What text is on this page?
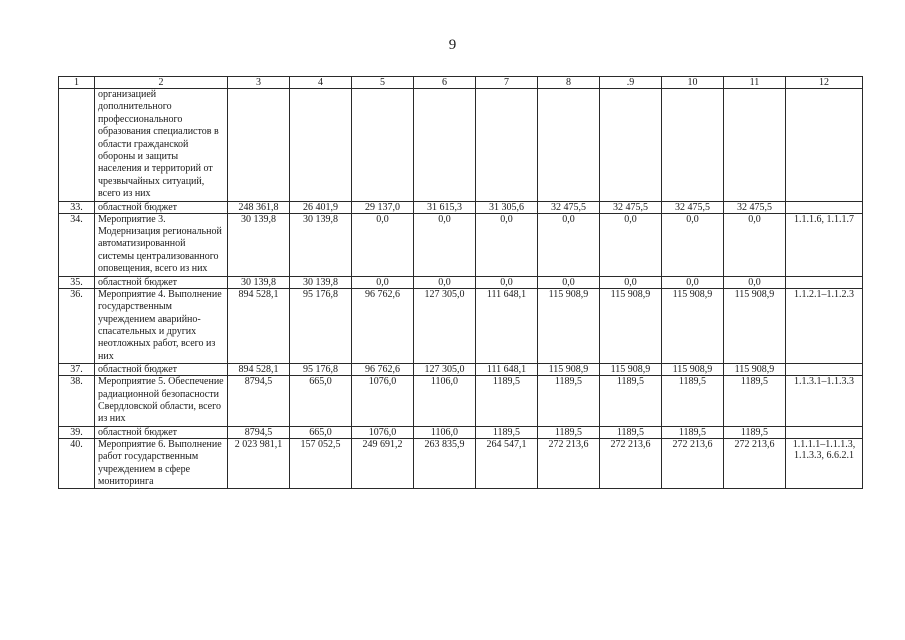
9
1	2	3	4	5	6	7	8	.9	10	11	12
	организацией дополнительного профессионального образования специалистов в области гражданской обороны и защиты населения и территорий от чрезвычайных ситуаций, всего из них										
33.	областной бюджет	248 361,8	26 401,9	29 137,0	31 615,3	31 305,6	32 475,5	32 475,5	32 475,5	32 475,5	
34.	Мероприятие 3. Модернизация региональной автоматизированной системы централизованного оповещения, всего из них	30 139,8	30 139,8	0,0	0,0	0,0	0,0	0,0	0,0	0,0	1.1.1.6, 1.1.1.7
35.	областной бюджет	30 139,8	30 139,8	0,0	0,0	0,0	0,0	0,0	0,0	0,0	
36.	Мероприятие 4. Выполнение государственным учреждением аварийно-спасательных и других неотложных работ, всего из них	894 528,1	95 176,8	96 762,6	127 305,0	111 648,1	115 908,9	115 908,9	115 908,9	115 908,9	1.1.2.1–1.1.2.3
37.	областной бюджет	894 528,1	95 176,8	96 762,6	127 305,0	111 648,1	115 908,9	115 908,9	115 908,9	115 908,9	
38.	Мероприятие 5. Обеспечение радиационной безопасности Свердловской области, всего из них	8794,5	665,0	1076,0	1106,0	1189,5	1189,5	1189,5	1189,5	1189,5	1.1.3.1–1.1.3.3
39.	областной бюджет	8794,5	665,0	1076,0	1106,0	1189,5	1189,5	1189,5	1189,5	1189,5	
40.	Мероприятие 6. Выполнение работ государственным учреждением в сфере мониторинга	2 023 981,1	157 052,5	249 691,2	263 835,9	264 547,1	272 213,6	272 213,6	272 213,6	272 213,6	1.1.1.1–1.1.1.3, 1.1.3.3, 6.6.2.1
